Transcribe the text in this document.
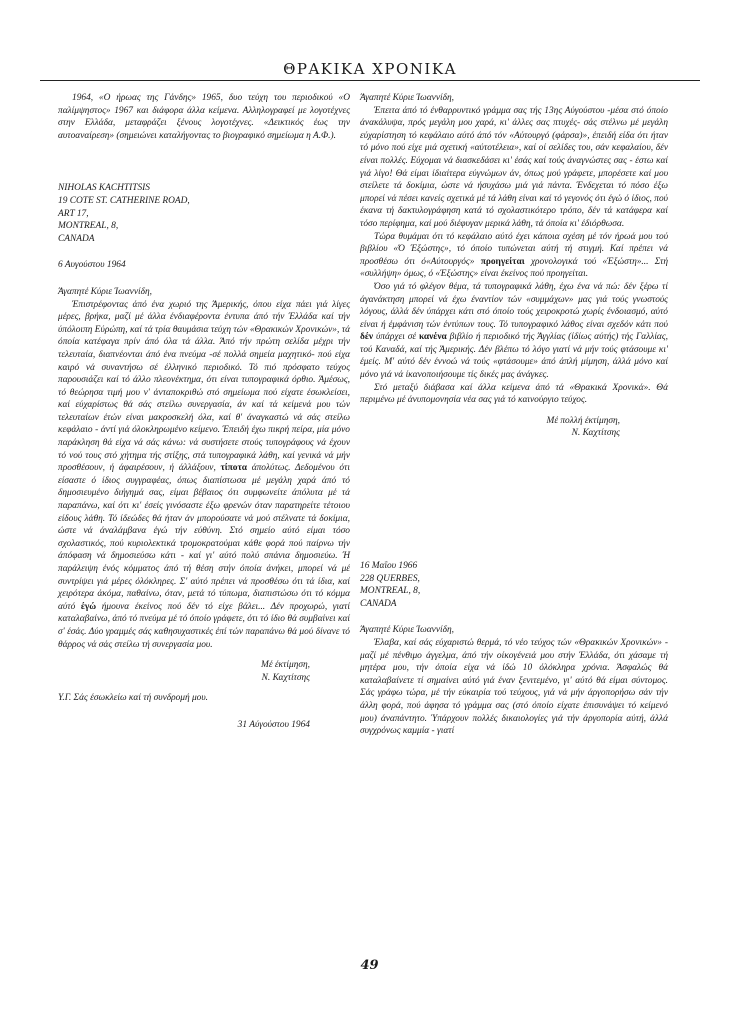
ΘΡΑΚΙΚΑ ΧΡΟΝΙΚΑ

1964, «Ο ήρωας της Γάνδης» 1965, δυο τεύχη του περιοδικού «Ο παλίμψηστος» 1967 και διάφορα άλλα κείμενα. Αλληλογραφεί με λογοτέχνες στην Ελλάδα, μεταφράζει ξένους λογοτέχνες. «Δεικτικός έως την αυτοαναίρεση» (σημειώνει καταλήγοντας το βιογραφικό σημείωμα η Α.Φ.).

NIHOLAS KACHTITSIS

19 COTE ST. CATHERINE ROAD,

ART 17,

MONTREAL, 8,

CANADA

6 Αυγούστου 1964

Άγαπητέ Κύριε Ίωαννίδη,

Έπιστρέφοντας άπό ένα χωριό της Άμερικής, όπου είχα πάει γιά λίγες μέρες, βρήκα, μαζί μέ άλλα ένδιαφέροντα έντυπα άπό τήν Έλλάδα καί τήν ύπόλοιπη Εύρώπη, καί τά τρία θαυμάσια τεύχη τών «Θρακικών Χρονικών», τά όποία κατέφαγα πρίν άπό όλα τά άλλα. Άπό τήν πρώτη σελίδα μέχρι τήν τελευταία, διαπνέονται άπό ένα πνεύμα -σέ πολλά σημεία μαχητικό- πού είχα καιρό νά συναντήσω σέ έλληνικό περιοδικό. Τό πιό πρόσφατο τεύχος παρουσιάζει καί τό άλλο πλεονέκτημα, ότι είναι τυπογραφικά όρθιο. Άμέσως, τό θεώρησα τιμή μου ν' άνταποκριθώ στό σημείωμα πού είχατε έσωκλείσει, καί εύχαρίστως θά σάς στείλω συνεργασία, άν καί τά κείμενά μου τών τελευταίων έτών είναι μακροσκελή όλα, καί θ' άναγκαστώ νά σάς στείλω κεφάλαιο - άντί γιά όλοκληρωμένο κείμενο. Έπειδή έχω πικρή πείρα, μία μόνο παράκληση θά είχα νά σάς κάνω: νά συστήσετε στούς τυπογράφους νά έχουν τό νού τους στό χήτημα τής στίξης, στά τυπογραφικά λάθη, καί γενικά νά μήν προσθέσουν, ή άφαιρέσουν, ή άλλάξουν, τίποτα άπολύτως. Δεδομένου ότι είσαστε ό ίδιος συγγραφέας, όπως διαπίστωσα μέ μεγάλη χαρά άπό τό δημοσιευμένο διήγημά σας, είμαι βέβαιος ότι συμφωνείτε άπόλυτα μέ τά παραπάνω, καί ότι κι' έσείς γινόσαστε έξω φρενών όταν παρατηρείτε τέτοιου είδους λάθη. Τό ίδεώδες θά ήταν άν μπορούσατε νά μού στέλνατε τά δοκίμια, ώστε νά άναλάμβανα έγώ τήν εύθύνη. Στό σημείο αύτό είμαι τόσο σχολαστικός, πού κυριολεκτικά τρομοκρατούμαι κάθε φορά πού παίρνω τήν άπόφαση νά δημοσιεύσω κάτι - καί γι' αύτό πολύ σπάνια δημοσιεύω. Ή παράλειψη ένός κόμματος άπό τή θέση στήν όποία άνήκει, μπορεί νά μέ συντρίψει γιά μέρες όλόκληρες. Σ' αύτό πρέπει νά προσθέσω ότι τά ίδια, καί χειρότερα άκόμα, παθαίνω, όταν, μετά τό τύπωμα, διαπιστώσω ότι τό κόμμα αύτό έγώ ήμουνα έκείνος πού δέν τό είχε βάλει... Δέν προχωρώ, γιατί καταλαβαίνω, άπό τό πνεύμα μέ τό όποίο γράφετε, ότι τό ίδιο θά συμβαίνει καί σ' έσάς. Δύο γραμμές σάς καθησυχαστικές έπί τών παραπάνω θά μού δίνανε τό θάρρος νά σάς στείλω τή συνεργασία μου.

Μέ έκτίμηση,

Ν. Καχτίτσης

Υ.Γ. Σάς έσωκλείω καί τή συνδρομή μου.

31 Αύγούστου 1964

Άγαπητέ Κύριε Ίωαννίδη,

Έπειτα άπό τό ένθαρρυντικό γράμμα σας τής 13ης Αύγούστου -μέσα στό όποίο άνακάλυψα, πρός μεγάλη μου χαρά, κι' άλλες σας πτυχές- σάς στέλνω μέ μεγάλη εύχαρίστηση τό κεφάλαιο αύτό άπό τόν «Αύτουργό (φάρσα)», έπειδή είδα ότι ήταν τό μόνο πού είχε μιά σχετική «αύτοτέλεια», καί οί σελίδες του, σάν κεφαλαίου, δέν είναι πολλές. Εύχομαι νά διασκεδάσει κι' έσάς καί τούς άναγνώστες σας - έστω καί γιά λίγο! Θά είμαι ίδιαίτερα εύγνώμων άν, όπως μού γράφετε, μπορέσετε καί μου στείλετε τά δοκίμια, ώστε νά ήσυχάσω μιά γιά πάντα. Ένδεχεται τό πόσο έξω μπορεί νά πέσει κανείς σχετικά μέ τά λάθη είναι καί τό γεγονός ότι έγώ ό ίδιος, πού έκανα τή δακτυλογράφηση κατά τό σχολαστικότερο τρόπο, δέν τά κατάφερα καί τόσο περίφημα, καί μού διέφυγαν μερικά λάθη, τά όποία κι' έδιόρθωσα.

Τώρα θυμάμαι ότι τό κεφάλαιο αύτό έχει κάποια σχέση μέ τόν ήρωά μου τού βιβλίου «Ό Έξώστης», τό όποίο τυπώνεται αύτή τή στιγμή. Καί πρέπει νά προσθέσω ότι ό«Αύτουργός» προηγείται χρονολογικά τού «Έξώστη»... Στή «συλλήψη» όμως, ό «Έξώστης» είναι έκείνος πού προηγείται.

Όσο γιά τό φλέγον θέμα, τά τυπογραφικά λάθη, έχω ένα νά πώ: δέν ξέρω τί άγανάκτηση μπορεί νά έχω έναντίον τών «συμμάχων» μας γιά τούς γνωστούς λόγους, άλλά δέν ύπάρχει κάτι στό όποίο τούς χειροκροτώ χωρίς ένδοιασμό, αύτό είναι ή έμφάνιση τών έντύπων τους. Τό τυπογραφικό λάθος είναι σχεδόν κάτι πού δέν ύπάρχει σέ κανένα βιβλίο ή περιοδικό τής Άγγλίας (ίδίως αύτής) τής Γαλλίας, τού Καναδά, καί τής Άμερικής. Δέν βλέπω τό λόγο γιατί νά μήν τούς φτάσουμε κι' έμείς. Μ' αύτό δέν έννοώ νά τούς «φτάσουμε» άπό άπλή μίμηση, άλλά μόνο καί μόνο γιά νά ίκανοποιήσουμε τίς δικές μας άνάγκες.

Στό μεταξύ διάβασα καί άλλα κείμενα άπό τά «Θρακικά Χρονικά». Θά περιμένω μέ άνυπομονησία νέα σας γιά τό καινούργιο τεύχος.

Μέ πολλή έκτίμηση,

Ν. Καχτίτσης

16 Μαΐου 1966

228 QUERBES,

MONTREAL, 8,

CANADA

Άγαπητέ Κύριε Ίωαννίδη,

Έλαβα, καί σάς εύχαριστώ θερμά, τό νέο τεύχος τών «Θρακικών Χρονικών» - μαζί μέ πένθιμο άγγελμα, άπό τήν οίκογένειά μου στήν Έλλάδα, ότι χάσαμε τή μητέρα μου, τήν όποία είχα νά ίδώ 10 όλόκληρα χρόνια. Άσφαλώς θά καταλαβαίνετε τί σημαίνει αύτό γιά έναν ξενιτεμένο, γι' αύτό θά είμαι σύντομος. Σάς γράφω τώρα, μέ τήν εύκαιρία τού τεύχους, γιά νά μήν άργοπορήσω σάν τήν άλλη φορά, πού άφησα τό γράμμα σας (στό όποίο είχατε έπισυνάψει τό κείμενό μου) άναπάντητο. Ύπάρχουν πολλές δικαιολογίες γιά τήν άργοπορία αύτή, άλλά συγχρόνως καμμία - γιατί

49
